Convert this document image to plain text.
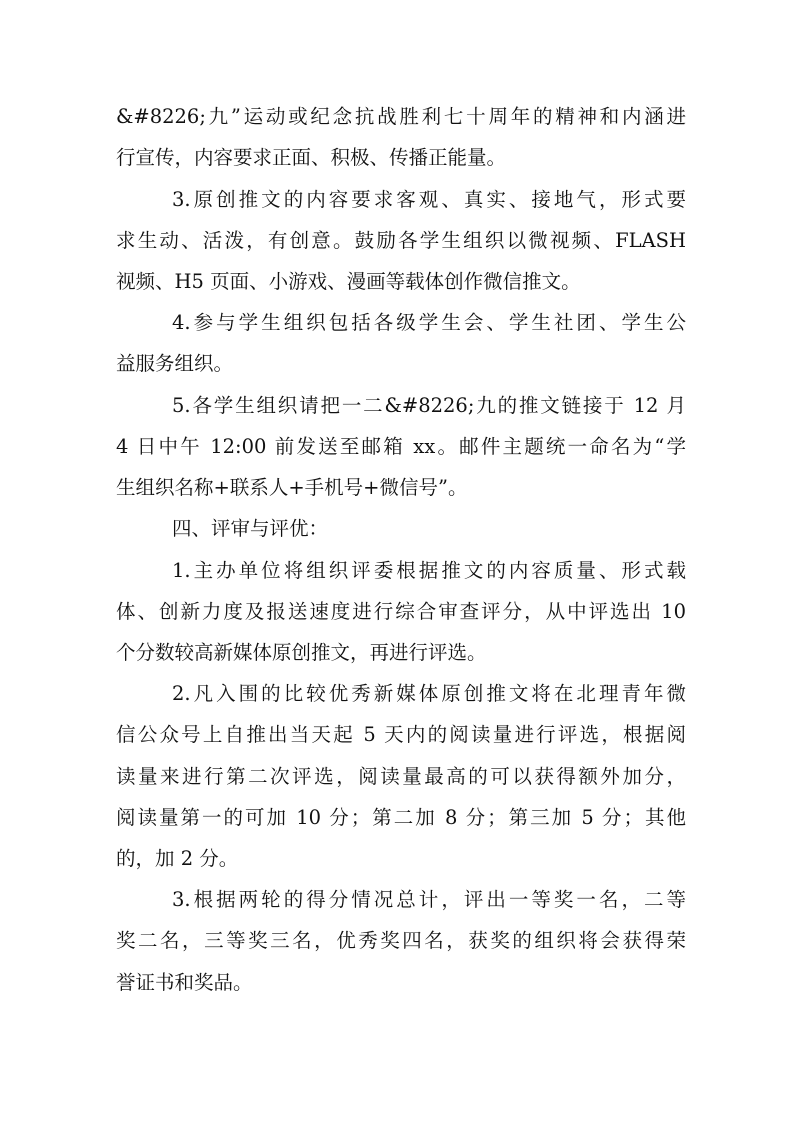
&#8226;九”运动或纪念抗战胜利七十周年的精神和内涵进

行宣传，内容要求正面、积极、传播正能量。

3.原创推文的内容要求客观、真实、接地气，形式要

求生动、活泼，有创意。鼓励各学生组织以微视频、FLASH

视频、H5 页面、小游戏、漫画等载体创作微信推文。

4.参与学生组织包括各级学生会、学生社团、学生公

益服务组织。

5.各学生组织请把一二&#8226;九的推文链接于 12 月

4 日中午 12:00 前发送至邮箱 xx。邮件主题统一命名为“学

生组织名称+联系人+手机号+微信号”。

四、评审与评优：

1.主办单位将组织评委根据推文的内容质量、形式载

体、创新力度及报送速度进行综合审查评分，从中评选出 10

个分数较高新媒体原创推文，再进行评选。

2.凡入围的比较优秀新媒体原创推文将在北理青年微

信公众号上自推出当天起 5 天内的阅读量进行评选，根据阅

读量来进行第二次评选，阅读量最高的可以获得额外加分，

阅读量第一的可加 10 分；第二加 8 分；第三加 5 分；其他

的，加 2 分。

3.根据两轮的得分情况总计，评出一等奖一名，二等

奖二名，三等奖三名，优秀奖四名，获奖的组织将会获得荣

誉证书和奖品。
